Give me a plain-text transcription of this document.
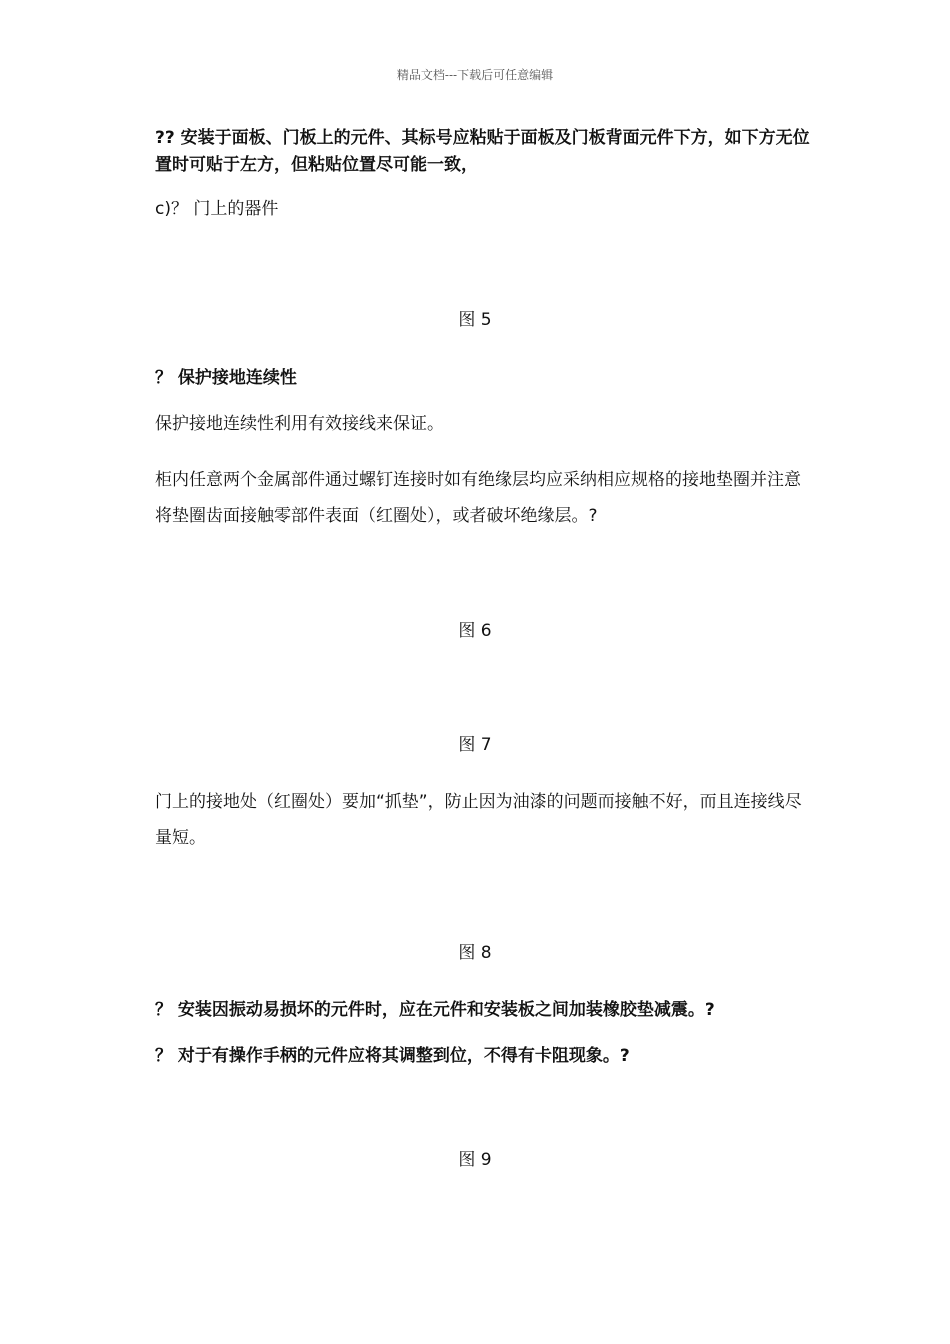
精品文档---下载后可任意编辑

?? 安装于面板、门板上的元件、其标号应粘贴于面板及门板背面元件下方，如下方无位置时可贴于左方，但粘贴位置尽可能一致，

c)？ 门上的器件

图 5

？ 保护接地连续性

保护接地连续性利用有效接线来保证。

柜内任意两个金属部件通过螺钉连接时如有绝缘层均应采纳相应规格的接地垫圈并注意将垫圈齿面接触零部件表面（红圈处），或者破坏绝缘层。?

图 6

图 7

门上的接地处（红圈处）要加“抓垫”，防止因为油漆的问题而接触不好，而且连接线尽量短。

图 8

？ 安装因振动易损坏的元件时，应在元件和安装板之间加装橡胶垫减震。?

？ 对于有操作手柄的元件应将其调整到位，不得有卡阻现象。?

图 9
